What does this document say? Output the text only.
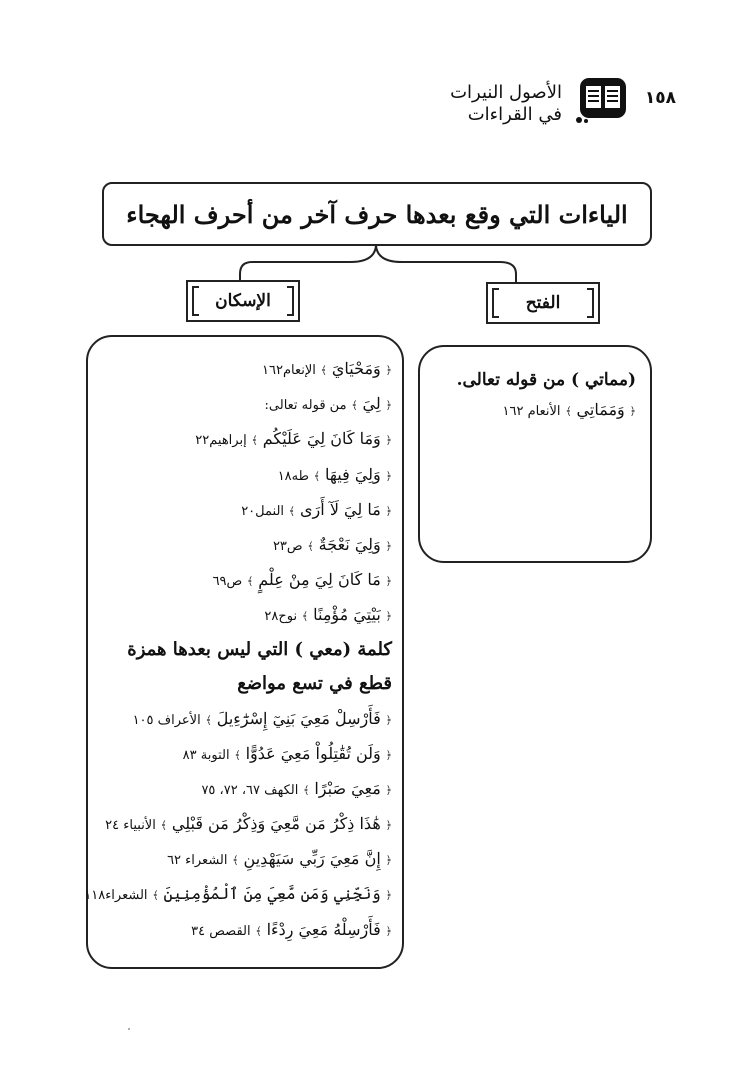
١٥٨
الأصول النيرات
في القراءات
الياءات التي وقع بعدها حرف آخر من أحرف الهجاء
الفتح
الإسكان
(مماتي ) من قوله تعالى.
﴿ وَمَمَاتِي ﴾ الأنعام ١٦٢
﴿ وَمَحْيَايَ ﴾ الإنعام١٦٢
﴿ لِيَ ﴾ من قوله تعالى:
﴿ وَمَا كَانَ لِيَ عَلَيْكُم ﴾ إبراهيم٢٢
﴿ وَلِيَ فِيهَا ﴾ طه١٨
﴿ مَا لِيَ لَآ أَرَى ﴾ النمل٢٠
﴿ وَلِيَ نَعْجَةٌ ﴾ ص٢٣
﴿ مَا كَانَ لِيَ مِنْ عِلْمٍ ﴾ ص٦٩
﴿ بَيْتِيَ مُؤْمِنًا ﴾ نوح٢٨
كلمة (معي ) التي ليس بعدها همزة قطع في تسع مواضع
﴿ فَأَرْسِلْ مَعِيَ بَنِيٓ إِسْرَٰٓءِيلَ ﴾ الأعراف ١٠٥
﴿ وَلَن تُقَٰتِلُواْ مَعِيَ عَدُوًّا ﴾ التوبة ٨٣
﴿ مَعِيَ صَبْرًا ﴾ الكهف ٦٧، ٧٢، ٧٥
﴿ هَٰذَا ذِكْرُ مَن مَّعِيَ وَذِكْرُ مَن قَبْلِي ﴾ الأنبياء ٢٤
﴿ إِنَّ مَعِيَ رَبِّي سَيَهْدِينِ ﴾ الشعراء ٦٢
﴿ وَنَجِّنِي وَمَن مَّعِيَ مِنَ ٱلْمُؤْمِنِينَ ﴾ الشعراء١١٨
﴿ فَأَرْسِلْهُ مَعِيَ رِدْءًا ﴾ القصص ٣٤
